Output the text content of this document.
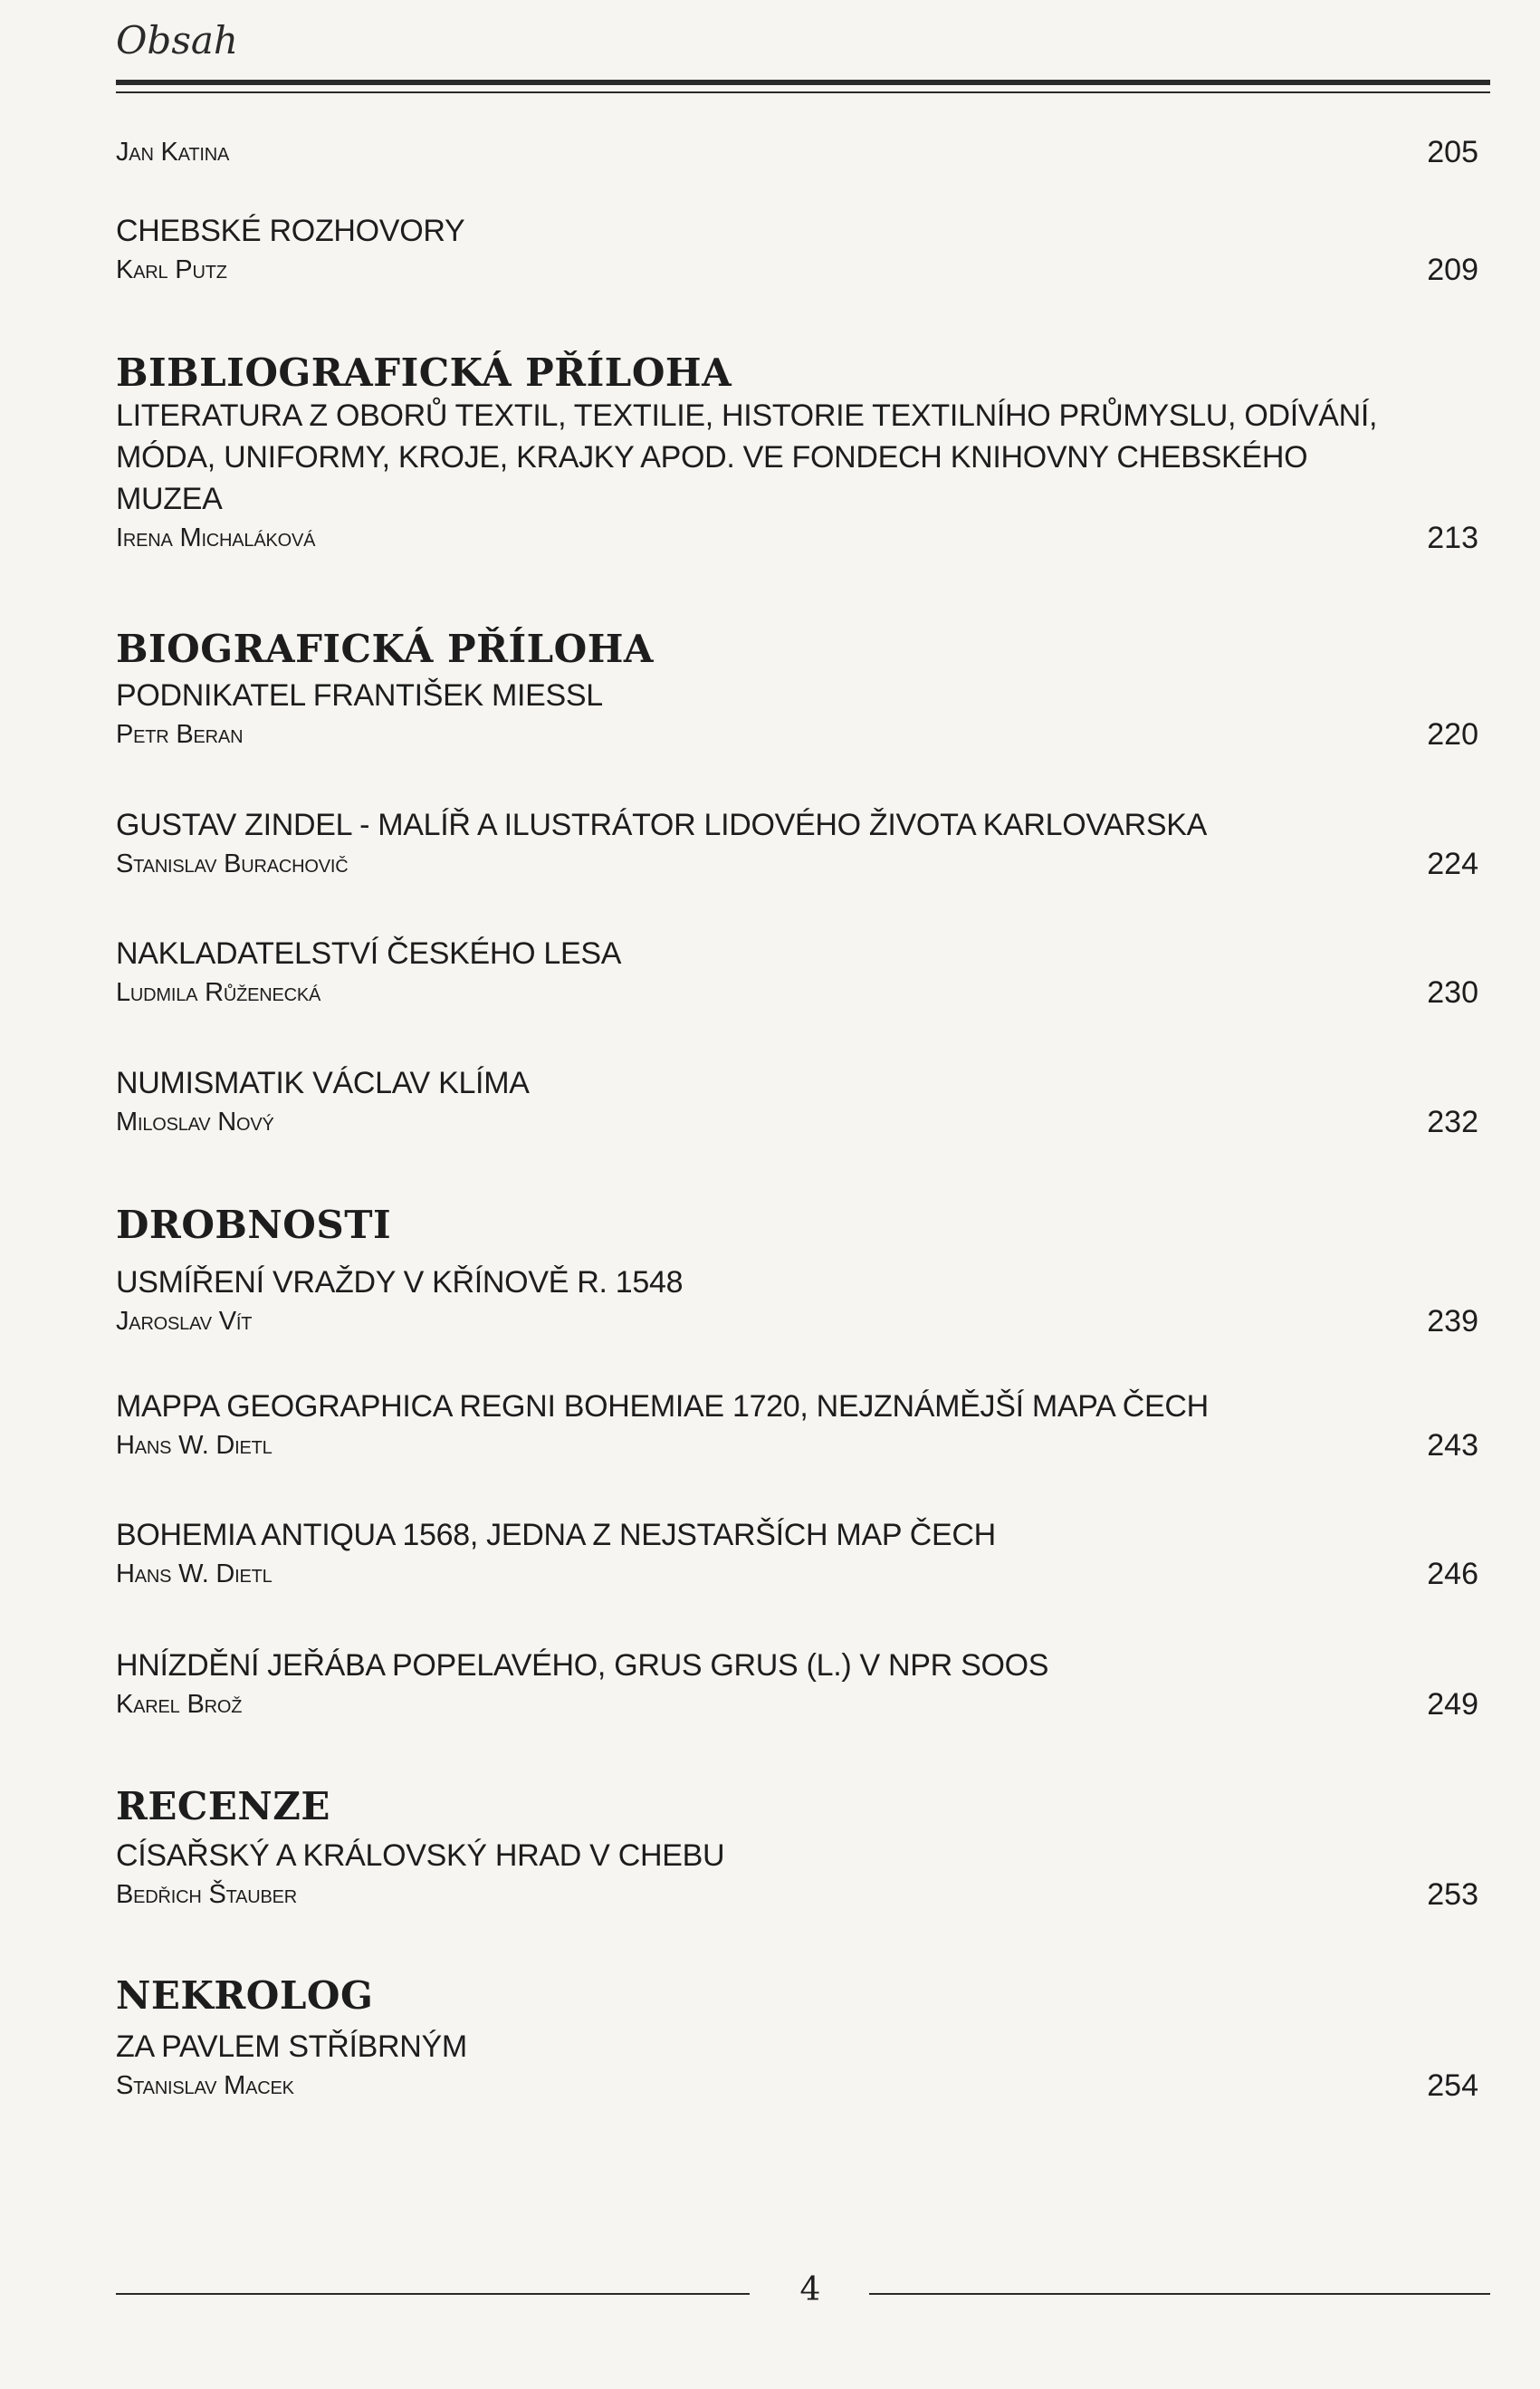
Obsah
Jan Katina	205
CHEBSKÉ ROZHOVORY
Karl Putz	209
BIBLIOGRAFICKÁ PŘÍLOHA
LITERATURA Z OBORŮ TEXTIL, TEXTILIE, HISTORIE TEXTILNÍHO PRŮMYSLU, ODÍVÁNÍ,
MÓDA, UNIFORMY, KROJE, KRAJKY APOD. VE FONDECH KNIHOVNY CHEBSKÉHO
MUZEA
Irena Michaláková	213
BIOGRAFICKÁ PŘÍLOHA
PODNIKATEL FRANTIŠEK MIESSL
Petr Beran	220
GUSTAV ZINDEL - MALÍŘ A ILUSTRÁTOR LIDOVÉHO ŽIVOTA KARLOVARSKA
Stanislav Burachovič	224
NAKLADATELSTVÍ ČESKÉHO LESA
Ludmila Růženecká	230
NUMISMATIK VÁCLAV KLÍMA
Miloslav Nový	232
DROBNOSTI
USMÍŘENÍ VRAŽDY V KŘÍNOVĚ R. 1548
Jaroslav Vít	239
MAPPA GEOGRAPHICA REGNI BOHEMIAE 1720, NEJZNÁMĚJŠÍ MAPA ČECH
Hans W. Dietl	243
BOHEMIA ANTIQUA 1568, JEDNA Z NEJSTARŠÍCH MAP ČECH
Hans W. Dietl	246
HNÍZDĚNÍ JEŘÁBA POPELAVÉHO, GRUS GRUS (L.) V NPR SOOS
Karel Brož	249
RECENZE
CÍSAŘSKÝ A KRÁLOVSKÝ HRAD V CHEBU
Bedřich Štauber	253
NEKROLOG
ZA PAVLEM STŘÍBRNÝM
Stanislav Macek	254
4
